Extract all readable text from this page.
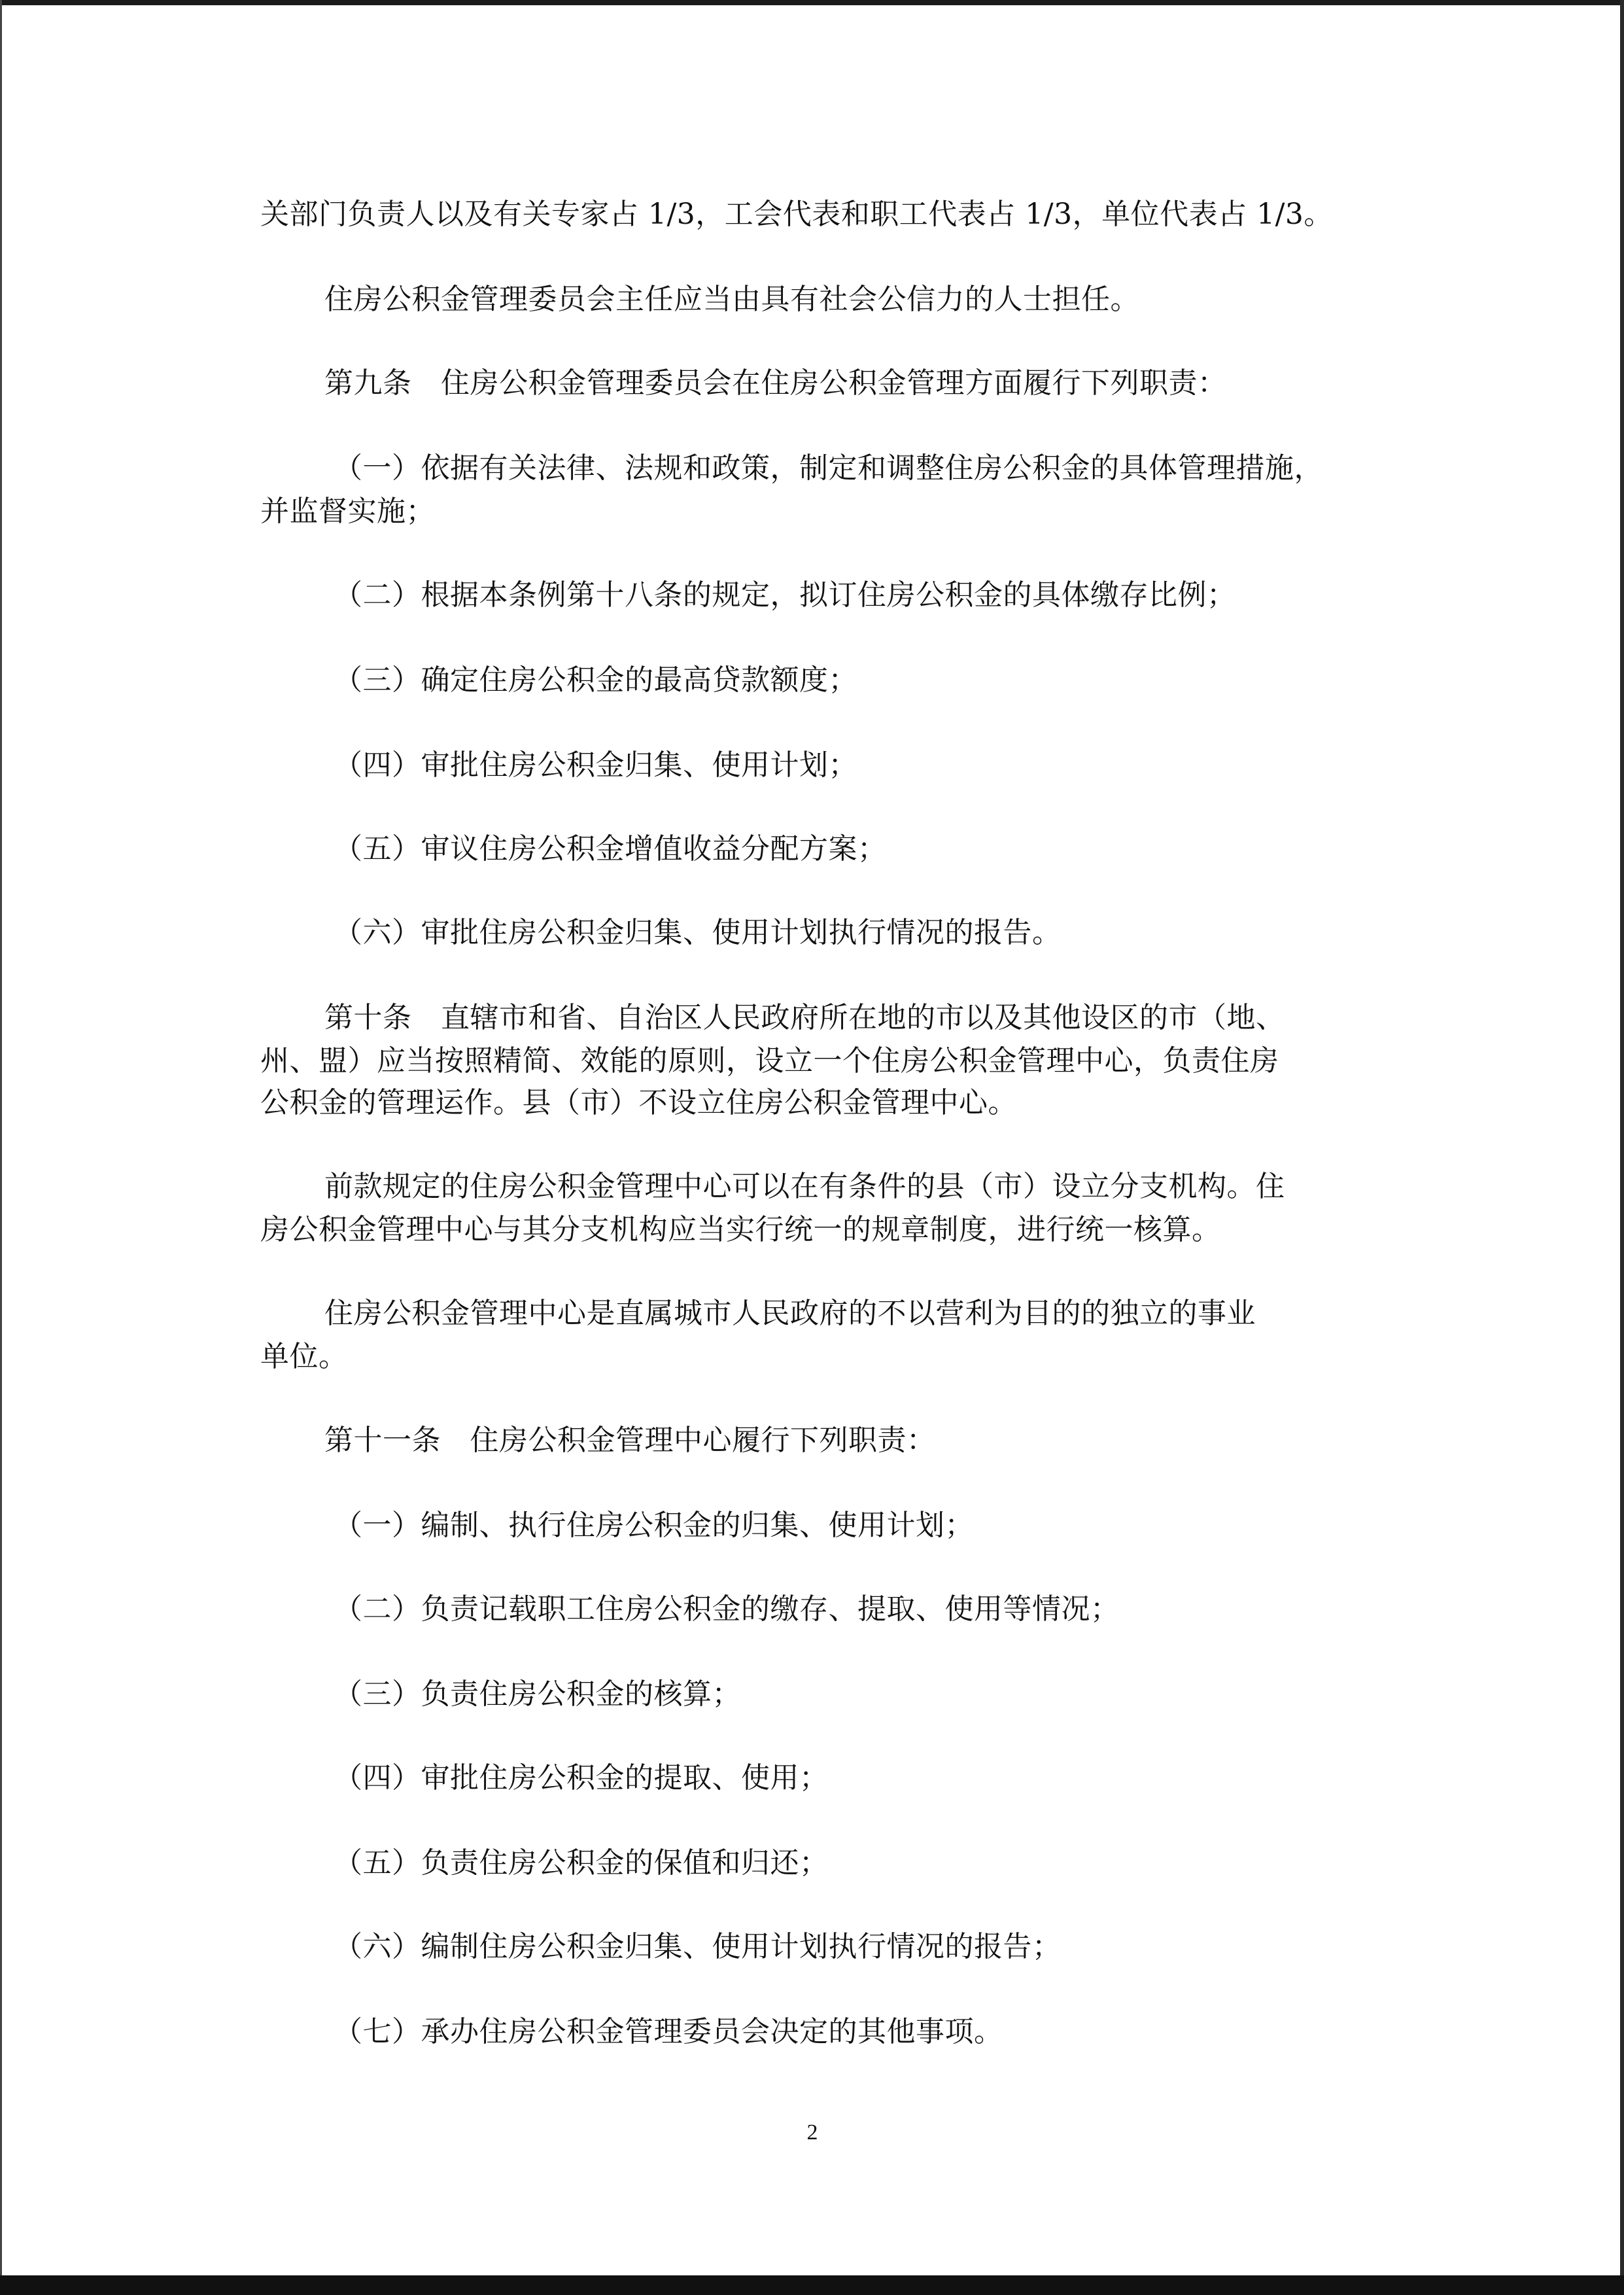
关部门负责人以及有关专家占 1/3，工会代表和职工代表占 1/3，单位代表占 1/3。
住房公积金管理委员会主任应当由具有社会公信力的人士担任。
第九条　住房公积金管理委员会在住房公积金管理方面履行下列职责：
（一）依据有关法律、法规和政策，制定和调整住房公积金的具体管理措施，
并监督实施；
（二）根据本条例第十八条的规定，拟订住房公积金的具体缴存比例；
（三）确定住房公积金的最高贷款额度；
（四）审批住房公积金归集、使用计划；
（五）审议住房公积金增值收益分配方案；
（六）审批住房公积金归集、使用计划执行情况的报告。
第十条　直辖市和省、自治区人民政府所在地的市以及其他设区的市（地、
州、盟）应当按照精简、效能的原则，设立一个住房公积金管理中心，负责住房
公积金的管理运作。县（市）不设立住房公积金管理中心。
前款规定的住房公积金管理中心可以在有条件的县（市）设立分支机构。住
房公积金管理中心与其分支机构应当实行统一的规章制度，进行统一核算。
住房公积金管理中心是直属城市人民政府的不以营利为目的的独立的事业
单位。
第十一条　住房公积金管理中心履行下列职责：
（一）编制、执行住房公积金的归集、使用计划；
（二）负责记载职工住房公积金的缴存、提取、使用等情况；
（三）负责住房公积金的核算；
（四）审批住房公积金的提取、使用；
（五）负责住房公积金的保值和归还；
（六）编制住房公积金归集、使用计划执行情况的报告；
（七）承办住房公积金管理委员会决定的其他事项。
2
